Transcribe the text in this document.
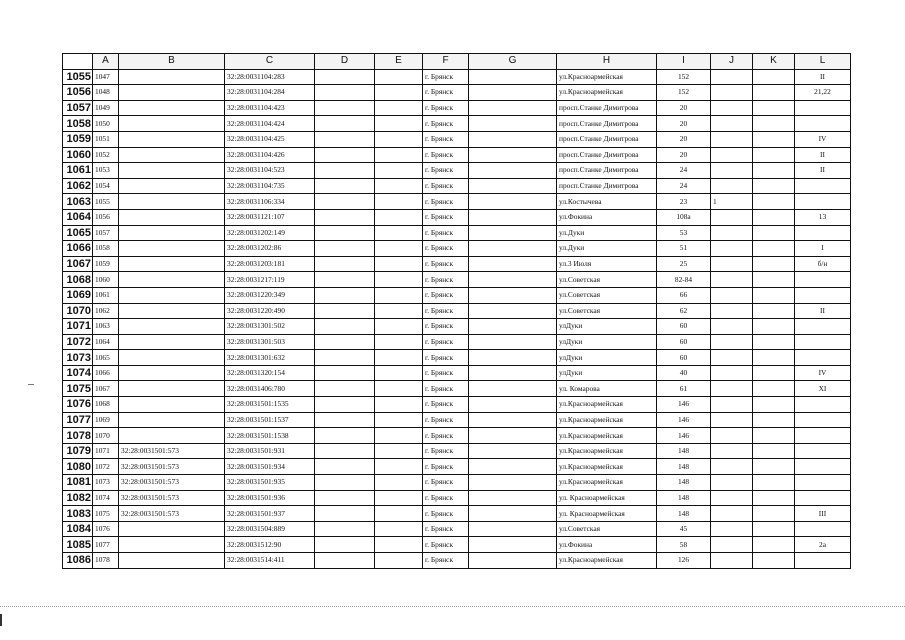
	A	B	C	D	E	F	G	H	I	J	K	L
1055	1047		32:28:0031104:283			г. Брянск		ул.Красноармейская	152			II
1056	1048		32:28:0031104:284			г. Брянск		ул.Красноармейская	152			21,22
1057	1049		32:28:0031104:423			г. Брянск		просп.Станке Димитрова	20			
1058	1050		32:28:0031104:424			г. Брянск		просп.Станке Димитрова	20			
1059	1051		32:28:0031104:425			г. Брянск		просп.Станке Димитрова	20			IV
1060	1052		32:28:0031104:426			г. Брянск		просп.Станке Димитрова	20			II
1061	1053		32:28:0031104:523			г. Брянск		просп.Станке Димитрова	24			II
1062	1054		32:28:0031104:735			г. Брянск		просп.Станке Димитрова	24			
1063	1055		32:28:0031106:334			г. Брянск		ул.Костычева	23	1		
1064	1056		32:28:0031121:107			г. Брянск		ул.Фокина	108а			13
1065	1057		32:28:0031202:149			г. Брянск		ул.Дуки	53			
1066	1058		32:28:0031202:86			г. Брянск		ул.Дуки	51			I
1067	1059		32:28:0031203:181			г. Брянск		ул.3 Июля	25			б/н
1068	1060		32:28:0031217:119			г. Брянск		ул.Советская	82-84			
1069	1061		32:28:0031220:349			г. Брянск		ул.Советская	66			
1070	1062		32:28:0031220:490			г. Брянск		ул.Советская	62			II
1071	1063		32:28:0031301:502			г. Брянск		улДуки	60			
1072	1064		32:28:0031301:503			г. Брянск		улДуки	60			
1073	1065		32:28:0031301:632			г. Брянск		улДуки	60			
1074	1066		32:28:0031320:154			г. Брянск		улДуки	40			IV
1075	1067		32:28:0031406:780			г. Брянск		ул. Комарова	61			XI
1076	1068		32:28:0031501:1535			г. Брянск		ул.Красноармейская	146			
1077	1069		32:28:0031501:1537			г. Брянск		ул.Красноармейская	146			
1078	1070		32:28:0031501:1538			г. Брянск		ул.Красноармейская	146			
1079	1071	32:28:0031501:573	32:28:0031501:931			г. Брянск		ул.Красноармейская	148			
1080	1072	32:28:0031501:573	32:28:0031501:934			г. Брянск		ул.Красноармейская	148			
1081	1073	32:28:0031501:573	32:28:0031501:935			г. Брянск		ул.Красноармейская	148			
1082	1074	32:28:0031501:573	32:28:0031501:936			г. Брянск		ул. Красноармейская	148			
1083	1075	32:28:0031501:573	32:28:0031501:937			г. Брянск		ул. Красноармейская	148			III
1084	1076		32:28:0031504:889			г. Брянск		ул.Советская	45			
1085	1077		32:28:0031512:90			г. Брянск		ул.Фокина	58			2а
1086	1078		32:28:0031514:411			г. Брянск		ул.Красноармейская	126			
